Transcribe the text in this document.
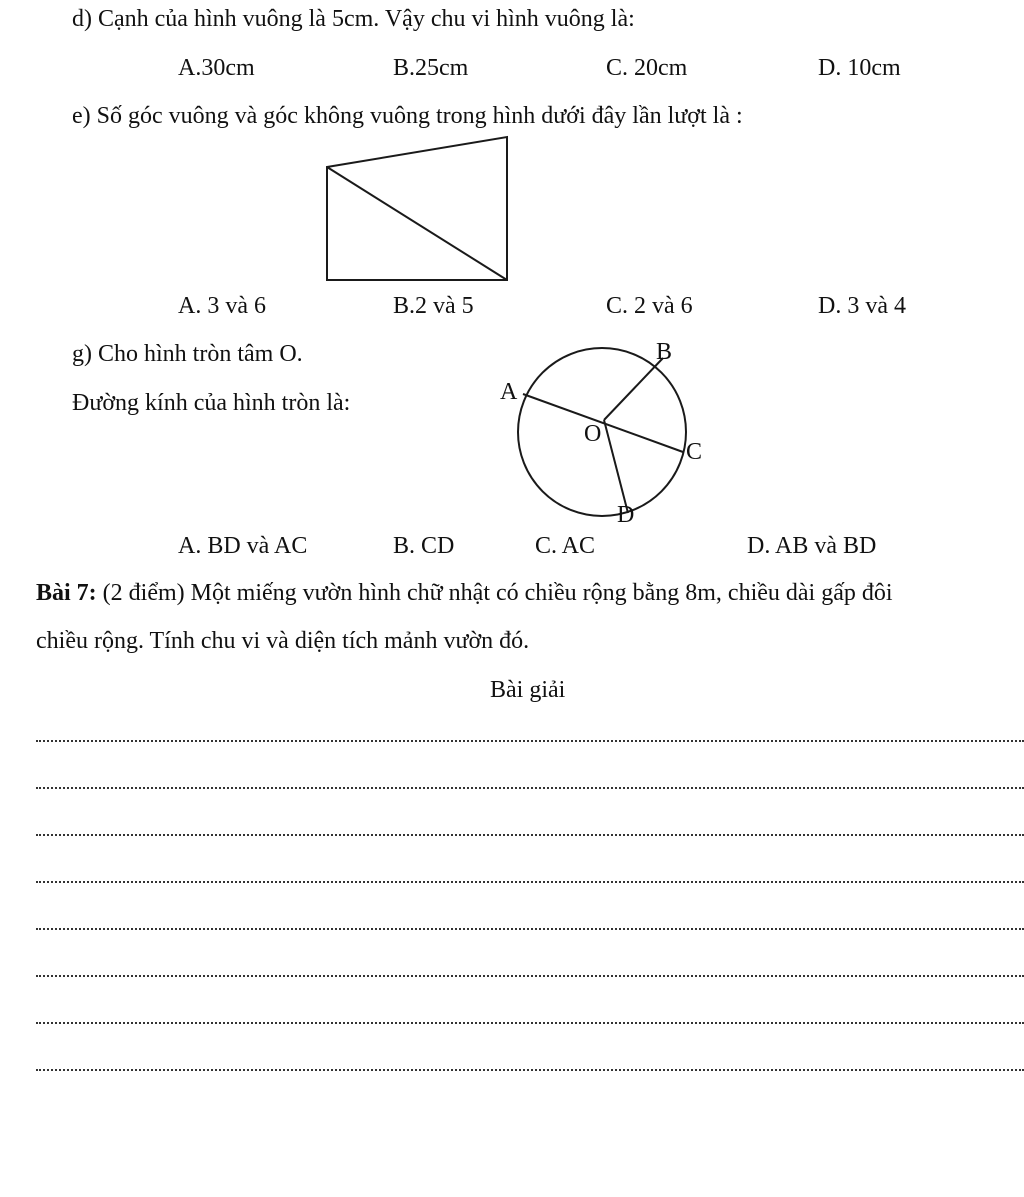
d) Cạnh của hình vuông là 5cm. Vậy chu vi hình vuông là:
A.30cm	B.25cm	C. 20cm	D. 10cm
e) Số góc vuông và góc không vuông trong hình dưới đây lần lượt là :
A. 3 và 6	B.2 và 5	C. 2 và 6	D. 3 và 4
g) Cho hình tròn tâm O.
Đường kính của hình tròn là:	A
B
O
C
D
A. BD và AC	B. CD	C. AC	D. AB và BD
Bài 7: (2 điểm) Một miếng vườn hình chữ nhật có chiều rộng bằng 8m, chiều dài gấp đôi
chiều rộng. Tính chu vi và diện tích mảnh vườn đó.
Bài giải
